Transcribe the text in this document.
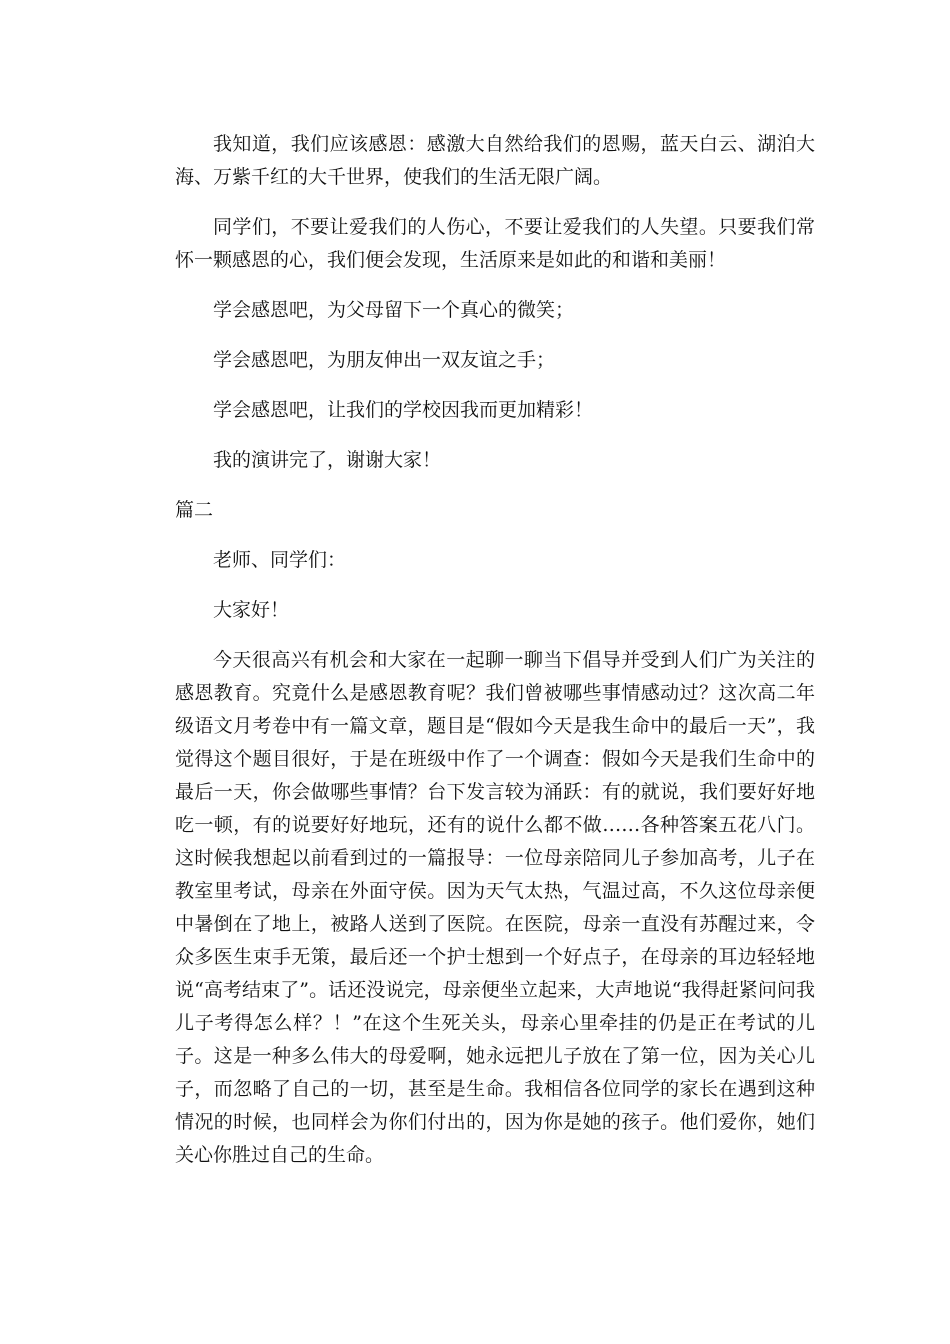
我知道，我们应该感恩：感激大自然给我们的恩赐，蓝天白云、湖泊大海、万紫千红的大千世界，使我们的生活无限广阔。

同学们，不要让爱我们的人伤心，不要让爱我们的人失望。只要我们常怀一颗感恩的心，我们便会发现，生活原来是如此的和谐和美丽！

学会感恩吧，为父母留下一个真心的微笑；

学会感恩吧，为朋友伸出一双友谊之手；

学会感恩吧，让我们的学校因我而更加精彩！

我的演讲完了，谢谢大家！

篇二

老师、同学们：

大家好！

今天很高兴有机会和大家在一起聊一聊当下倡导并受到人们广为关注的感恩教育。究竟什么是感恩教育呢？我们曾被哪些事情感动过？这次高二年级语文月考卷中有一篇文章，题目是“假如今天是我生命中的最后一天”，我觉得这个题目很好，于是在班级中作了一个调查：假如今天是我们生命中的最后一天，你会做哪些事情？台下发言较为涌跃：有的就说，我们要好好地吃一顿，有的说要好好地玩，还有的说什么都不做……各种答案五花八门。这时候我想起以前看到过的一篇报导：一位母亲陪同儿子参加高考，儿子在教室里考试，母亲在外面守侯。因为天气太热，气温过高，不久这位母亲便中暑倒在了地上，被路人送到了医院。在医院，母亲一直没有苏醒过来，令众多医生束手无策，最后还一个护士想到一个好点子，在母亲的耳边轻轻地说“高考结束了”。话还没说完，母亲便坐立起来，大声地说“我得赶紧问问我儿子考得怎么样？！”在这个生死关头，母亲心里牵挂的仍是正在考试的儿子。这是一种多么伟大的母爱啊，她永远把儿子放在了第一位，因为关心儿子，而忽略了自己的一切，甚至是生命。我相信各位同学的家长在遇到这种情况的时候，也同样会为你们付出的，因为你是她的孩子。他们爱你，她们关心你胜过自己的生命。
